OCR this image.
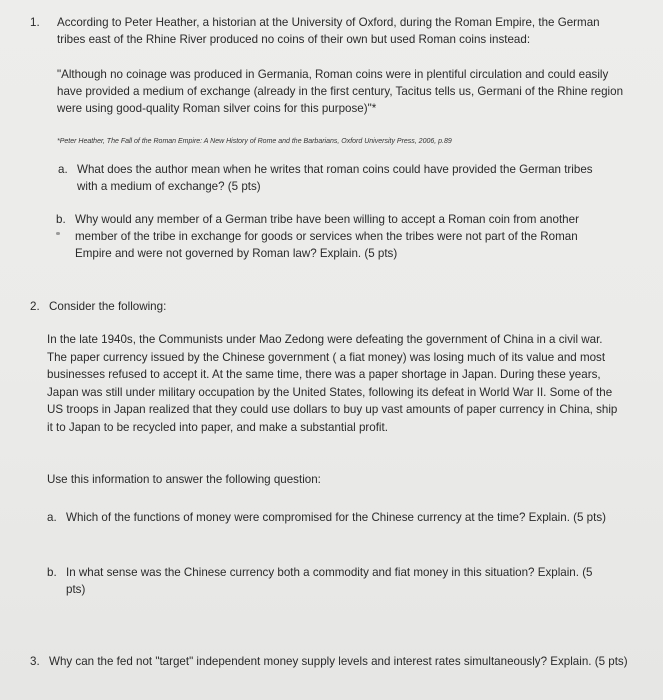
1. According to Peter Heather, a historian at the University of Oxford, during the Roman Empire, the German tribes east of the Rhine River produced no coins of their own but used Roman coins instead:
"Although no coinage was produced in Germania, Roman coins were in plentiful circulation and could easily have provided a medium of exchange (already in the first century, Tacitus tells us, Germani of the Rhine region were using good-quality Roman silver coins for this purpose)"*
*Peter Heather, The Fall of the Roman Empire: A New History of Rome and the Barbarians, Oxford University Press, 2006, p.89
a. What does the author mean when he writes that roman coins could have provided the German tribes with a medium of exchange? (5 pts)
b. Why would any member of a German tribe have been willing to accept a Roman coin from another member of the tribe in exchange for goods or services when the tribes were not part of the Roman Empire and were not governed by Roman law? Explain. (5 pts)
2. Consider the following:
In the late 1940s, the Communists under Mao Zedong were defeating the government of China in a civil war. The paper currency issued by the Chinese government ( a fiat money) was losing much of its value and most businesses refused to accept it. At the same time, there was a paper shortage in Japan. During these years, Japan was still under military occupation by the United States, following its defeat in World War II. Some of the US troops in Japan realized that they could use dollars to buy up vast amounts of paper currency in China, ship it to Japan to be recycled into paper, and make a substantial profit.
Use this information to answer the following question:
a. Which of the functions of money were compromised for the Chinese currency at the time? Explain. (5 pts)
b. In what sense was the Chinese currency both a commodity and fiat money in this situation? Explain. (5 pts)
3. Why can the fed not "target" independent money supply levels and interest rates simultaneously? Explain. (5 pts)
